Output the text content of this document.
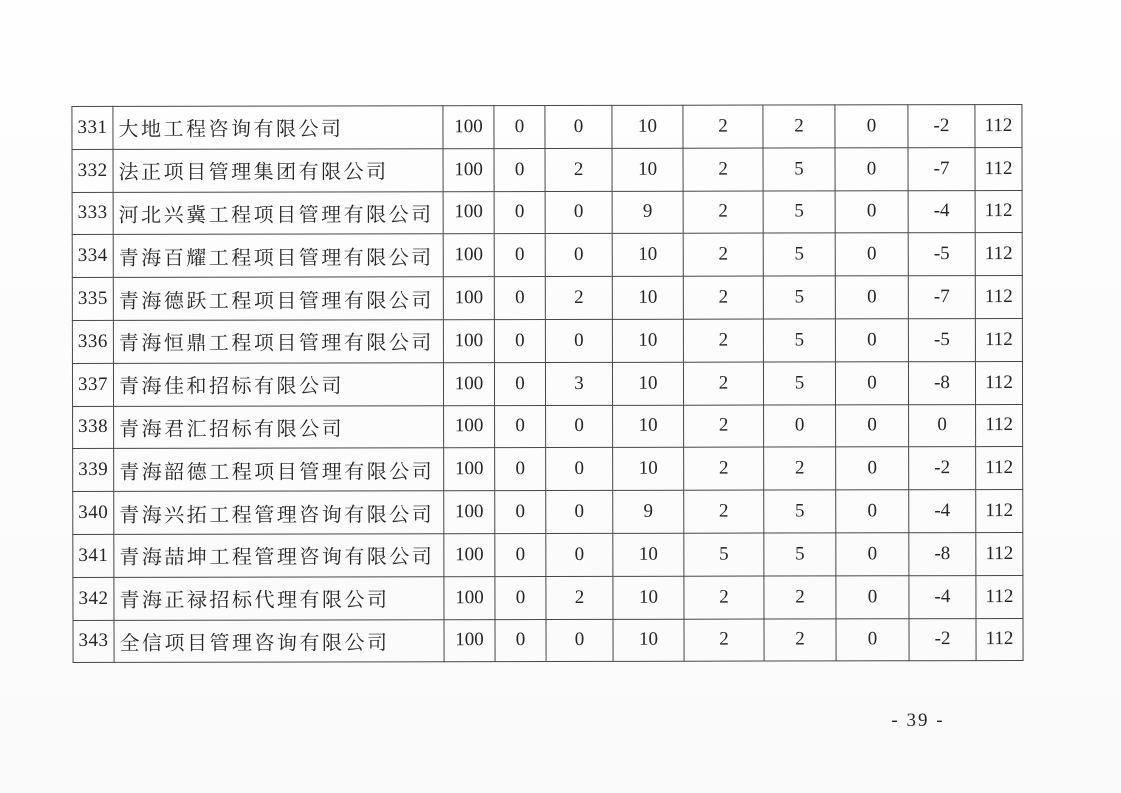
331	大地工程咨询有限公司	100	0	0	10	2	2	0	-2	112
332	法正项目管理集团有限公司	100	0	2	10	2	5	0	-7	112
333	河北兴冀工程项目管理有限公司	100	0	0	9	2	5	0	-4	112
334	青海百耀工程项目管理有限公司	100	0	0	10	2	5	0	-5	112
335	青海德跃工程项目管理有限公司	100	0	2	10	2	5	0	-7	112
336	青海恒鼎工程项目管理有限公司	100	0	0	10	2	5	0	-5	112
337	青海佳和招标有限公司	100	0	3	10	2	5	0	-8	112
338	青海君汇招标有限公司	100	0	0	10	2	0	0	0	112
339	青海韶德工程项目管理有限公司	100	0	0	10	2	2	0	-2	112
340	青海兴拓工程管理咨询有限公司	100	0	0	9	2	5	0	-4	112
341	青海喆坤工程管理咨询有限公司	100	0	0	10	5	5	0	-8	112
342	青海正禄招标代理有限公司	100	0	2	10	2	2	0	-4	112
343	全信项目管理咨询有限公司	100	0	0	10	2	2	0	-2	112
- 39 -
